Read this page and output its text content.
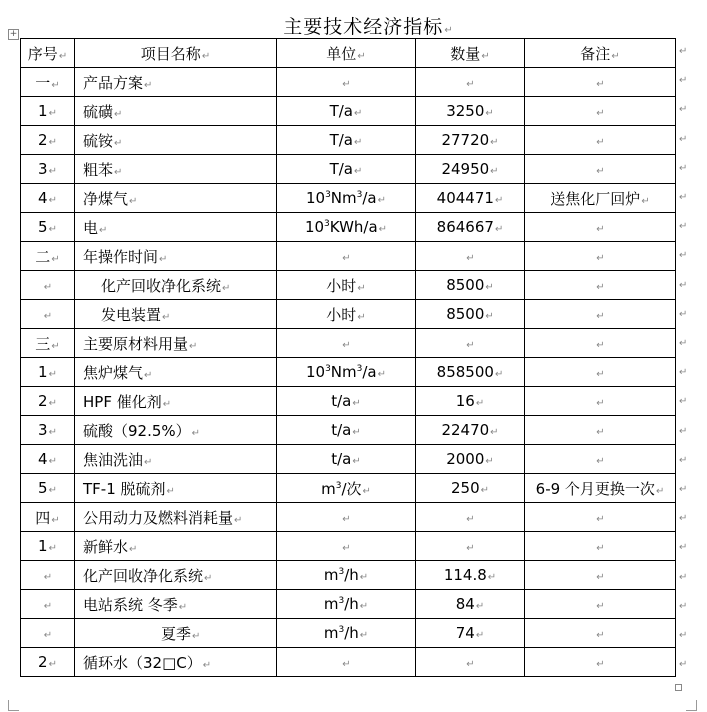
+	主要技术经济指标↵
序号↵	项目名称↵	单位↵	数量↵	备注↵
一↵	产品方案↵	↵	↵	↵
1↵	硫磺↵	T/a↵	3250↵	↵
2↵	硫铵↵	T/a↵	27720↵	↵
3↵	粗苯↵	T/a↵	24950↵	↵
4↵	净煤气↵	$10^3Nm^3/a↵$	404471↵	送焦化厂回炉↵
5↵	电↵	$10^3KWh/a↵$	864667↵	↵
二↵	年操作时间↵	↵	↵	↵
↵	化产回收净化系统↵	小时↵	8500↵	↵
↵	发电装置↵	小时↵	8500↵	↵
三↵	主要原材料用量↵	↵	↵	↵
1↵	焦炉煤气↵	$10^3Nm^3/a↵$	858500↵	↵
2↵	HPF 催化剂↵	t/a↵	16↵	↵
3↵	硫酸（92.5%）↵	t/a↵	22470↵	↵
4↵	焦油洗油↵	t/a↵	2000↵	↵
5↵	TF-1 脱硫剂↵	$m^3/$次↵	250↵	6-9 个月更换一次↵
四↵	公用动力及燃料消耗量↵	↵	↵	↵
1↵	新鲜水↵	↵	↵	↵
↵	化产回收净化系统↵	$m^3/h↵$	114.8↵	↵
↵	电站系统 冬季↵	$m^3/h↵$	84↵	↵
↵	夏季↵	$m^3/h↵$	74↵	↵
2↵	循环水（32□C）↵	↵	↵	↵
↵
↵
↵
↵
↵
↵
↵
↵
↵
↵
↵
↵
↵
↵
↵
↵
↵
↵
↵
↵
↵
↵
